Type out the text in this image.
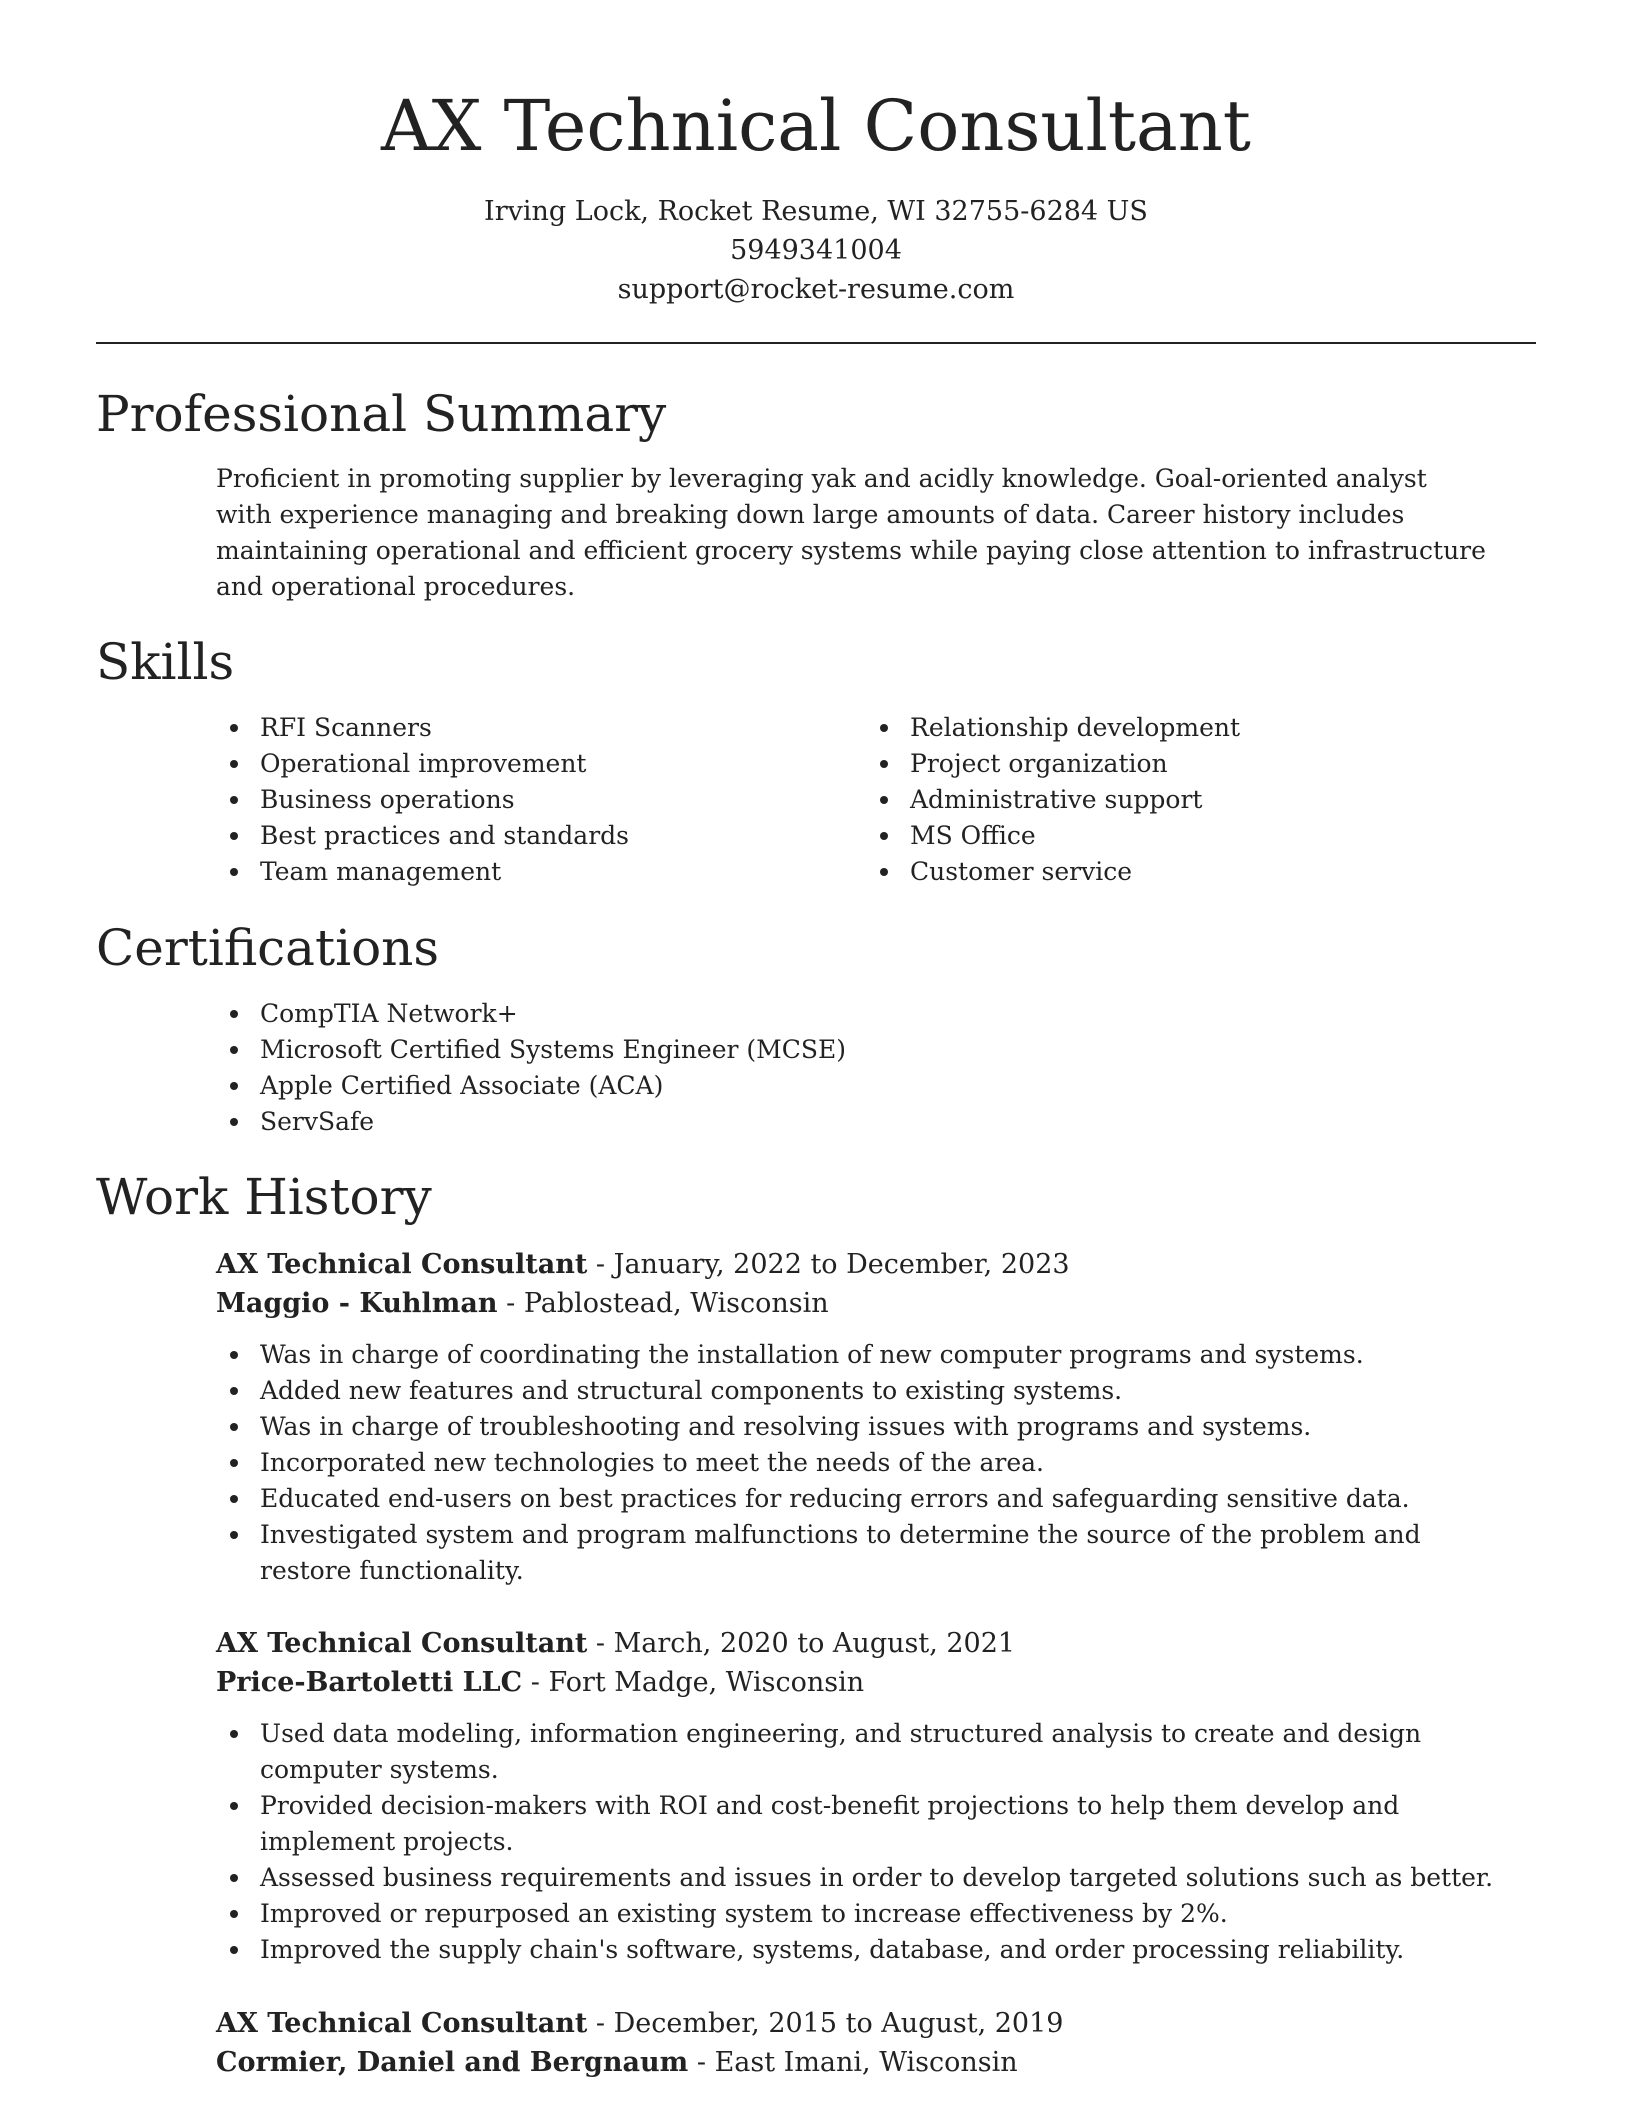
AX Technical Consultant
Irving Lock, Rocket Resume, WI 32755-6284 US
5949341004
support@rocket-resume.com
Professional Summary

Proficient in promoting supplier by leveraging yak and acidly knowledge. Goal-oriented analyst with experience managing and breaking down large amounts of data. Career history includes maintaining operational and efficient grocery systems while paying close attention to infrastructure and operational procedures.

Skills
RFI Scanners
Operational improvement
Business operations
Best practices and standards
Team management
Relationship development
Project organization
Administrative support
MS Office
Customer service
Certifications
CompTIA Network+
Microsoft Certified Systems Engineer (MCSE)
Apple Certified Associate (ACA)
ServSafe
Work History
AX Technical Consultant - January, 2022 to December, 2023
Maggio - Kuhlman - Pablostead, Wisconsin
Was in charge of coordinating the installation of new computer programs and systems.
Added new features and structural components to existing systems.
Was in charge of troubleshooting and resolving issues with programs and systems.
Incorporated new technologies to meet the needs of the area.
Educated end-users on best practices for reducing errors and safeguarding sensitive data.
Investigated system and program malfunctions to determine the source of the problem and restore functionality.
AX Technical Consultant - March, 2020 to August, 2021
Price-Bartoletti LLC - Fort Madge, Wisconsin
Used data modeling, information engineering, and structured analysis to create and design computer systems.
Provided decision-makers with ROI and cost-benefit projections to help them develop and implement projects.
Assessed business requirements and issues in order to develop targeted solutions such as better.
Improved or repurposed an existing system to increase effectiveness by 2%.
Improved the supply chain's software, systems, database, and order processing reliability.
AX Technical Consultant - December, 2015 to August, 2019
Cormier, Daniel and Bergnaum - East Imani, Wisconsin
